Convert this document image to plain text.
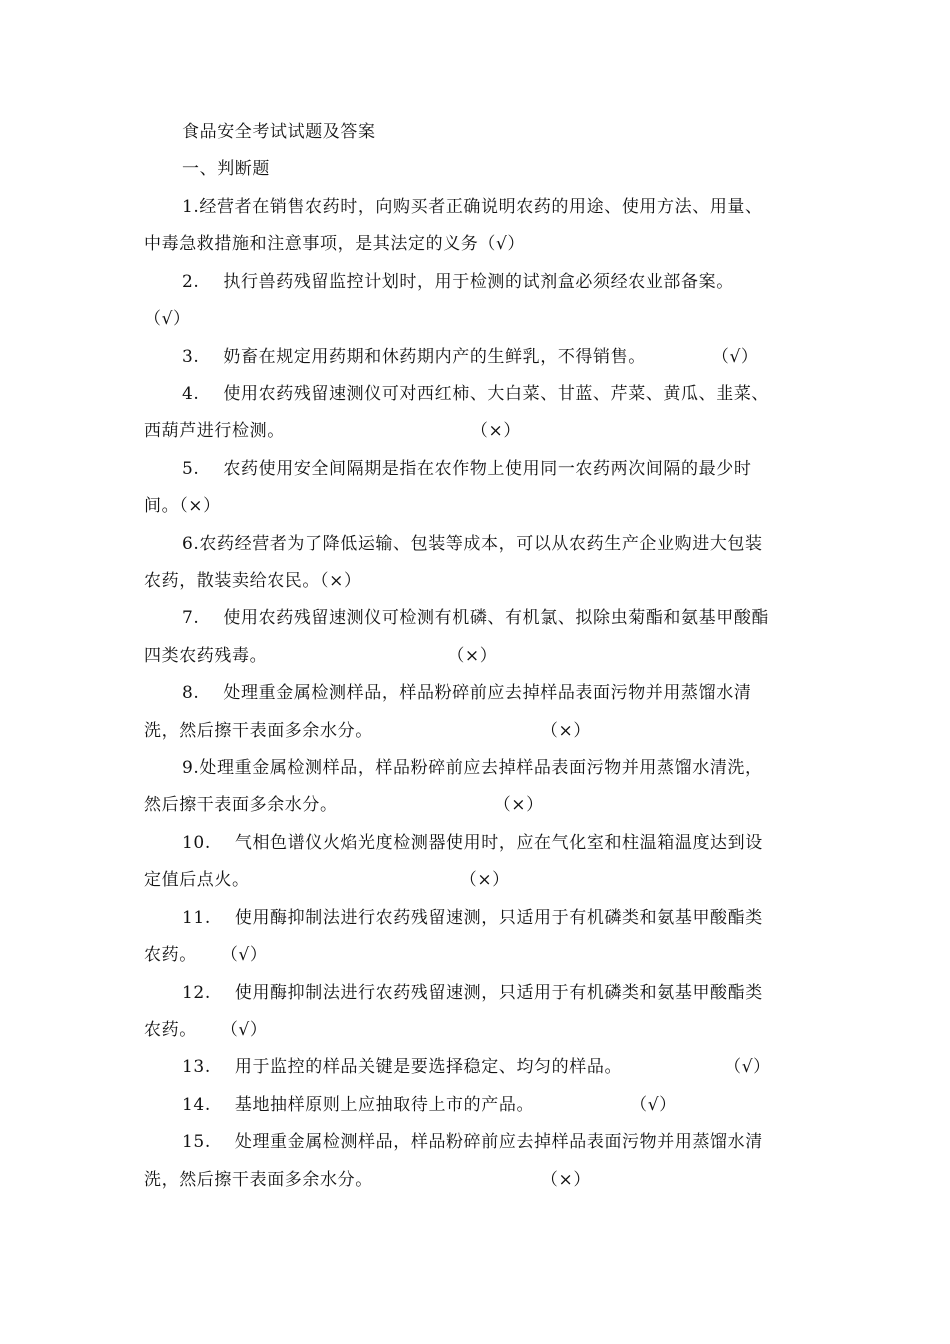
食品安全考试试题及答案
一、判断题
1.经营者在销售农药时，向购买者正确说明农药的用途、使用方法、用量、
中毒急救措施和注意事项，是其法定的义务（√）
2.    执行兽药残留监控计划时，用于检测的试剂盒必须经农业部备案。
（√）
3.    奶畜在规定用药期和休药期内产的生鲜乳，不得销售。           （√）
4.    使用农药残留速测仪可对西红柿、大白菜、甘蓝、芹菜、黄瓜、韭菜、
西葫芦进行检测。                               （×）
5.    农药使用安全间隔期是指在农作物上使用同一农药两次间隔的最少时
间。（×）
6.农药经营者为了降低运输、包装等成本，可以从农药生产企业购进大包装
农药，散装卖给农民。（×）
7.    使用农药残留速测仪可检测有机磷、有机氯、拟除虫菊酯和氨基甲酸酯
四类农药残毒。                              （×）
8.    处理重金属检测样品，样品粉碎前应去掉样品表面污物并用蒸馏水清
洗，然后擦干表面多余水分。                            （×）
9.处理重金属检测样品，样品粉碎前应去掉样品表面污物并用蒸馏水清洗，
然后擦干表面多余水分。                          （×）
10.    气相色谱仪火焰光度检测器使用时，应在气化室和柱温箱温度达到设
定值后点火。                                   （×）
11.    使用酶抑制法进行农药残留速测，只适用于有机磷类和氨基甲酸酯类
农药。    （√）
12.    使用酶抑制法进行农药残留速测，只适用于有机磷类和氨基甲酸酯类
农药。    （√）
13.    用于监控的样品关键是要选择稳定、均匀的样品。                 （√）
14.    基地抽样原则上应抽取待上市的产品。                （√）
15.    处理重金属检测样品，样品粉碎前应去掉样品表面污物并用蒸馏水清
洗，然后擦干表面多余水分。                            （×）
